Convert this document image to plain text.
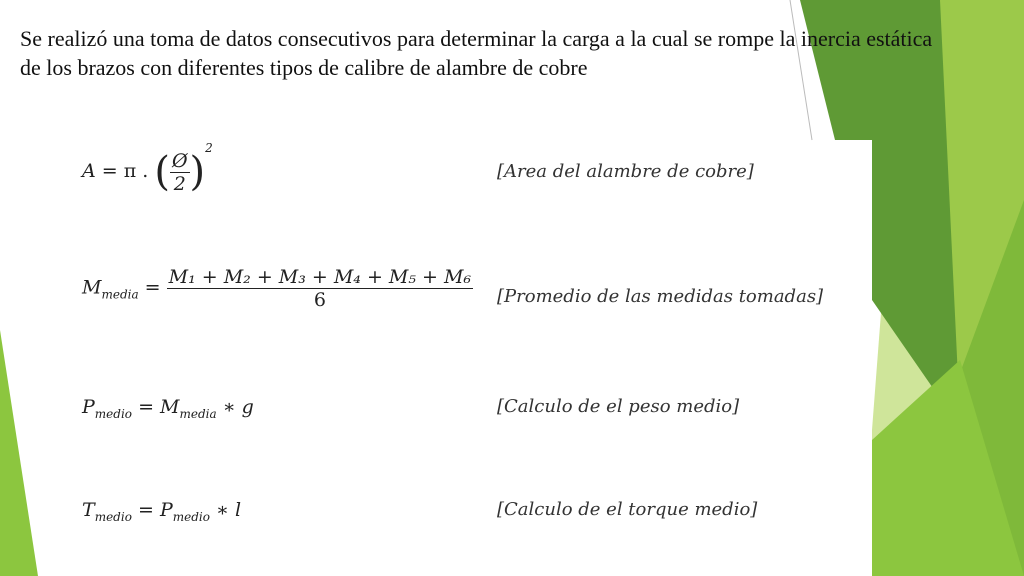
Se realizó una toma de datos consecutivos para determinar la carga a la cual se rompe la inercia estática de los brazos con diferentes tipos de calibre de alambre de cobre
A = π . ( $\frac{Ø}{2} )^2$
[Area del alambre de cobre]
$M_{media} = \frac{\text{M₁ + M₂ + M₃ + M₄ + M₅ + M₆}}{6}$ [Promedio de las medidas tomadas]
$P_{medio} = M_{media}$ ∗ g	[Calculo de el peso medio]
$T_{medio} = P_{medio}$ ∗ l	[Calculo de el torque medio]
